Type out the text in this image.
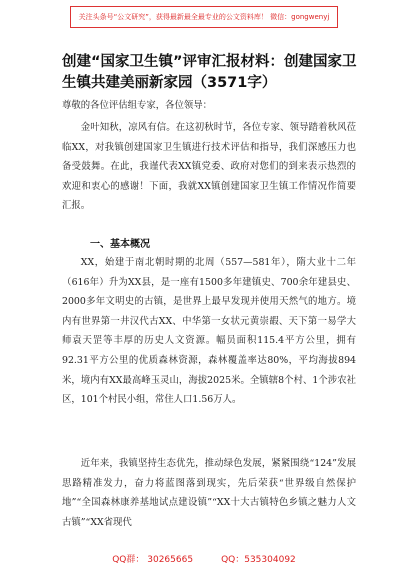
关注头条号“公文研究”，获得最新最全最专业的公文资料库！ 微信：gongwenyj
创建“国家卫生镇”评审汇报材料：创建国家卫生镇共建美丽新家园（3571字）

尊敬的各位评估组专家，各位领导：

金叶知秋，凉风有信。在这初秋时节，各位专家、领导踏着秋风莅临XX，对我镇创建国家卫生镇进行技术评估和指导，我们深感压力也备受鼓舞。在此，我谨代表XX镇党委、政府对您们的到来表示热烈的欢迎和衷心的感谢！下面，我就XX镇创建国家卫生镇工作情况作简要汇报。

一、基本概况

XX，始建于南北朝时期的北周（557—581年），隋大业十二年（616年）升为XX县，是一座有1500多年建镇史、700余年建县史、2000多年文明史的古镇，是世界上最早发现并使用天然气的地方。境内有世界第一井汉代古XX、中华第一女状元黄崇嘏、天下第一易学大师袁天罡等丰厚的历史人文资源。幅员面积115.4平方公里，拥有92.31平方公里的优质森林资源，森林覆盖率达80%，平均海拔894米，境内有XX最高峰玉灵山，海拔2025米。全镇辖8个村、1个涉农社区，101个村民小组，常住人口1.56万人。

近年来，我镇坚持生态优先，推动绿色发展，紧紧围绕“124”发展思路精准发力，奋力将蓝图落到现实，先后荣获“世界级自然保护地”“全国森林康养基地试点建设镇”“XX十大古镇特色乡镇之魅力人文古镇”“XX省现代

QQ群： 30265665	QQ：535304092
